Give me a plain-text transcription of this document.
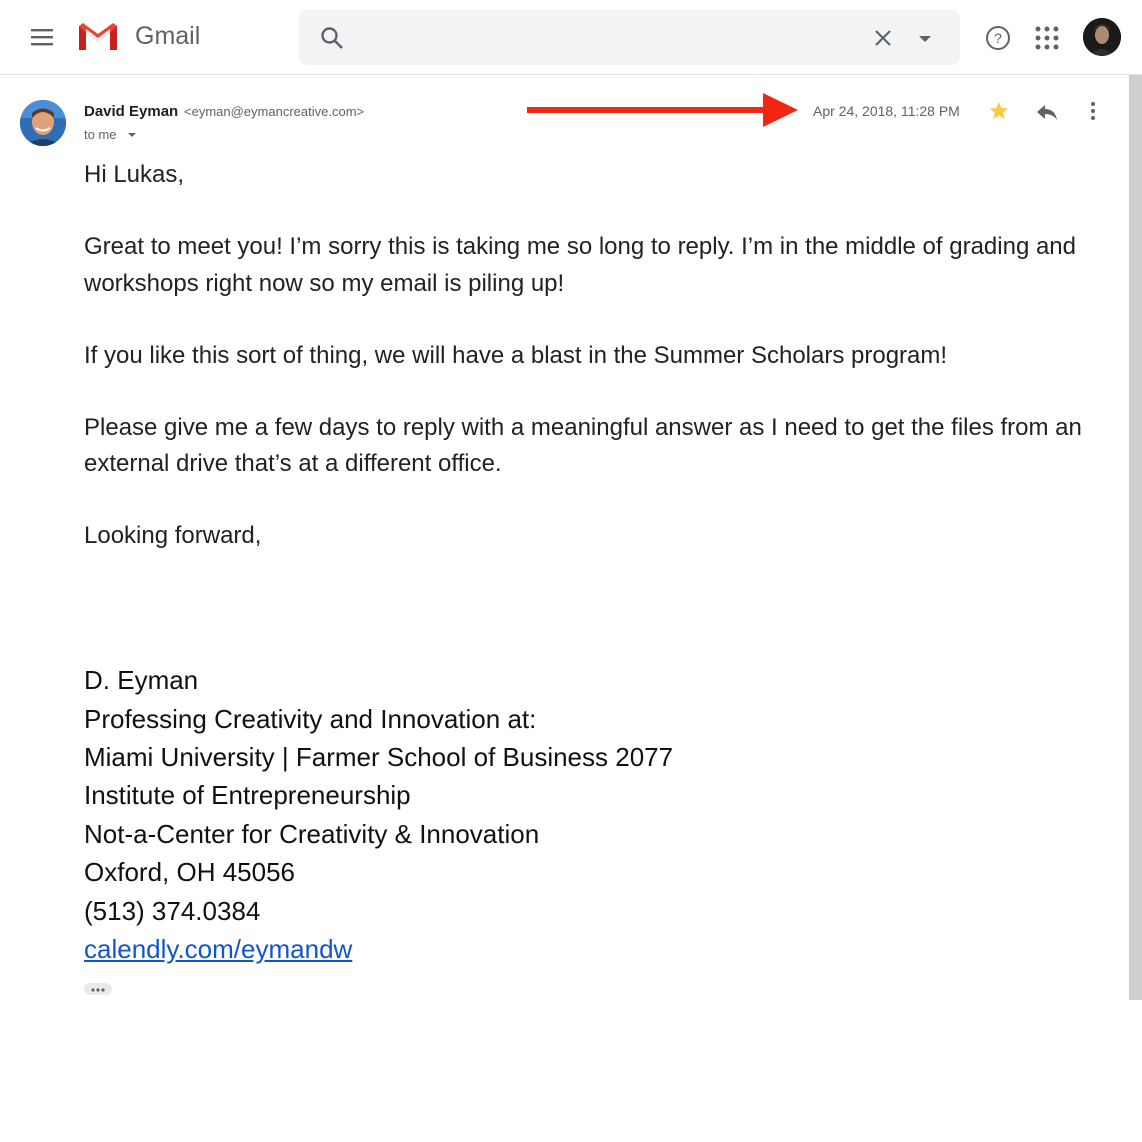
Gmail	?
David Eyman <eyman@eymancreative.com>
to me
Apr 24, 2018, 11:28 PM
Hi Lukas,
Great to meet you! I’m sorry this is taking me so long to reply. I’m in the middle of grading and
workshops right now so my email is piling up!
If you like this sort of thing, we will have a blast in the Summer Scholars program!
Please give me a few days to reply with a meaningful answer as I need to get the files from an
external drive that’s at a different office.
Looking forward,
D. Eyman
Professing Creativity and Innovation at:
Miami University | Farmer School of Business 2077
Institute of Entrepreneurship
Not-a-Center for Creativity & Innovation
Oxford, OH 45056
(513) 374.0384
calendly.com/eymandw
